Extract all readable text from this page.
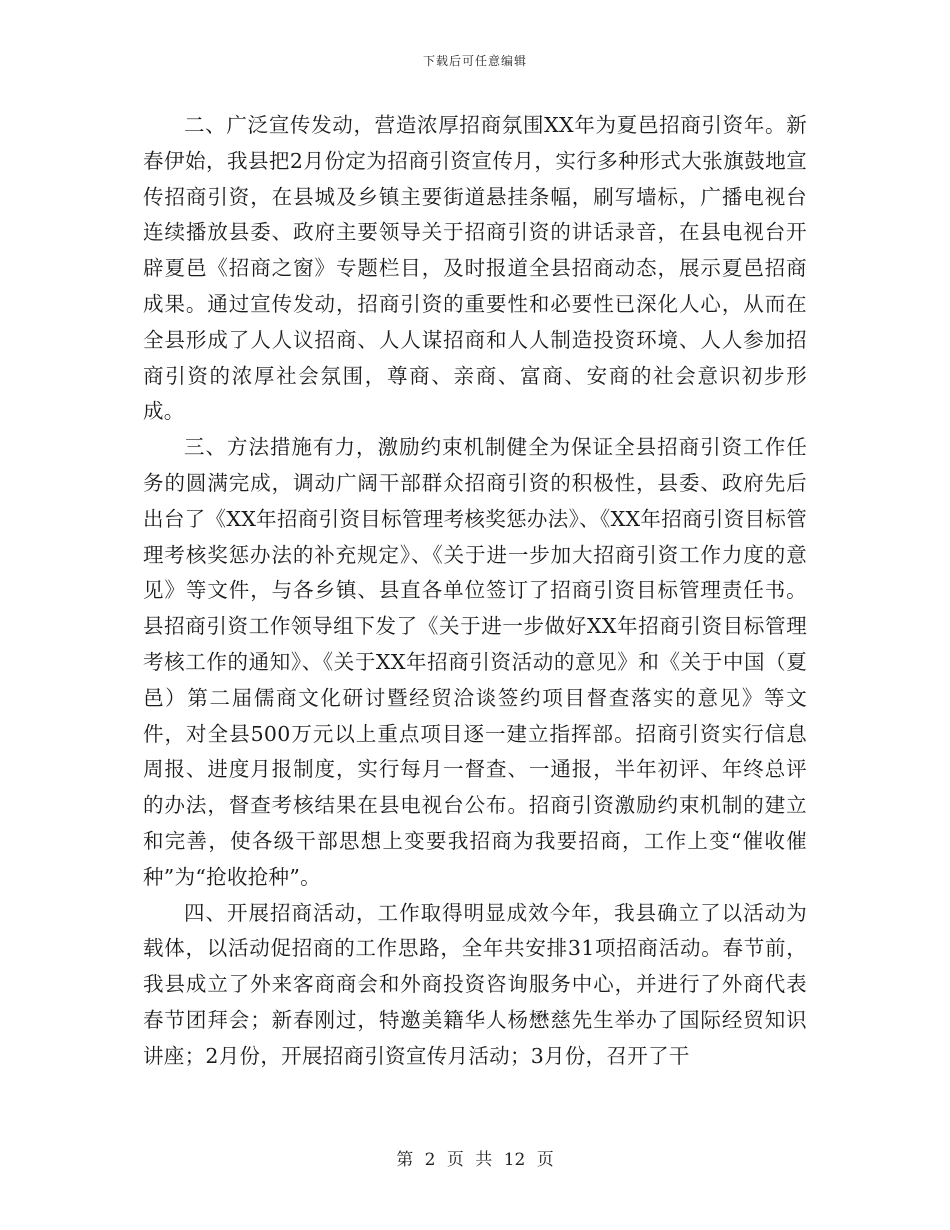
下载后可任意编辑

二、广泛宣传发动，营造浓厚招商氛围XX年为夏邑招商引资年。新春伊始，我县把2月份定为招商引资宣传月，实行多种形式大张旗鼓地宣传招商引资，在县城及乡镇主要街道悬挂条幅，刷写墙标，广播电视台连续播放县委、政府主要领导关于招商引资的讲话录音，在县电视台开辟夏邑《招商之窗》专题栏目，及时报道全县招商动态，展示夏邑招商成果。通过宣传发动，招商引资的重要性和必要性已深化人心，从而在全县形成了人人议招商、人人谋招商和人人制造投资环境、人人参加招商引资的浓厚社会氛围，尊商、亲商、富商、安商的社会意识初步形成。

三、方法措施有力，激励约束机制健全为保证全县招商引资工作任务的圆满完成，调动广阔干部群众招商引资的积极性，县委、政府先后出台了《XX年招商引资目标管理考核奖惩办法》、《XX年招商引资目标管理考核奖惩办法的补充规定》、《关于进一步加大招商引资工作力度的意见》等文件，与各乡镇、县直各单位签订了招商引资目标管理责任书。县招商引资工作领导组下发了《关于进一步做好XX年招商引资目标管理考核工作的通知》、《关于XX年招商引资活动的意见》和《关于中国（夏邑）第二届儒商文化研讨暨经贸洽谈签约项目督查落实的意见》等文件，对全县500万元以上重点项目逐一建立指挥部。招商引资实行信息周报、进度月报制度，实行每月一督查、一通报，半年初评、年终总评的办法，督查考核结果在县电视台公布。招商引资激励约束机制的建立和完善，使各级干部思想上变要我招商为我要招商，工作上变“催收催种”为“抢收抢种”。

四、开展招商活动，工作取得明显成效今年，我县确立了以活动为载体，以活动促招商的工作思路，全年共安排31项招商活动。春节前，我县成立了外来客商商会和外商投资咨询服务中心，并进行了外商代表春节团拜会；新春刚过，特邀美籍华人杨懋慈先生举办了国际经贸知识讲座；2月份，开展招商引资宣传月活动；3月份，召开了干

第 2 页 共 12 页
